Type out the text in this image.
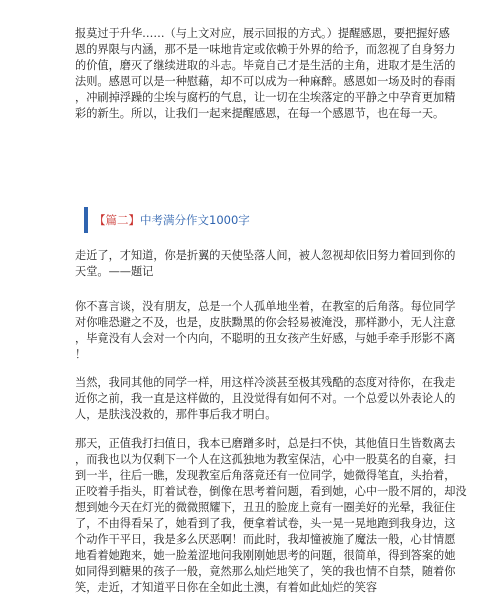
报莫过于升华……（与上文对应，展示回报的方式。）提醒感恩，要把握好感
恩的界限与内涵，那不是一味地肯定或依赖于外界的给予，而忽视了自身努力
的价值，磨灭了继续进取的斗志。毕竟自己才是生活的主角，进取才是生活的
法则。感恩可以是一种慰藉，却不可以成为一种麻醉。感恩如一场及时的春雨
，冲刷掉浮躁的尘埃与腐朽的气息，让一切在尘埃落定的平静之中孕育更加精
彩的新生。所以，让我们一起来提醒感恩，在每一个感恩节，也在每一天。

【篇二】中考满分作文1000字

走近了，才知道，你是折翼的天使坠落人间，被人忽视却依旧努力着回到你的
天堂。——题记

你不喜言谈，没有朋友，总是一个人孤单地坐着，在教室的后角落。每位同学
对你唯恐避之不及，也是，皮肤黝黑的你会轻易被淹没，那样渺小，无人注意
，毕竟没有人会对一个内向，不聪明的丑女孩产生好感，与她手牵手形影不离
！

当然，我同其他的同学一样，用这样冷淡甚至极其残酷的态度对待你，在我走
近你之前，我一直是这样做的，且没觉得有如何不对。一个总爱以外表论人的
人，是肤浅没救的，那件事后我才明白。

那天，正值我打扫值日，我本已磨蹭多时，总是扫不快，其他值日生皆数离去
，而我也以为仅剩下一个人在这孤独地为教室保洁，心中一股莫名的自豪，扫
到一半，往后一瞧，发现教室后角落竟还有一位同学，她微得笔直，头抬着，
正咬着手指头，盯着试卷，倒像在思考着问题，看到她，心中一股不屑的，却没
想到她今天在灯光的微微照耀下，丑丑的脸庞上竟有一圈美好的光晕，我征住
了，不由得看呆了，她看到了我，便拿着试卷，头一晃一晃地跑到我身边，这
个动作干平日，我是多么厌恶啊！而此时，我却憧被施了魔法一般，心甘情愿
地看着她跑来，她一脸羞涩地问我刚刚她思考的问题，很简单，得到答案的她
如同得到糖果的孩子一般，竟然那么灿烂地笑了，笑的我也情不自禁，随着你
笑，走近，才知道平日你在全如此土澳，有着如此灿烂的笑容
